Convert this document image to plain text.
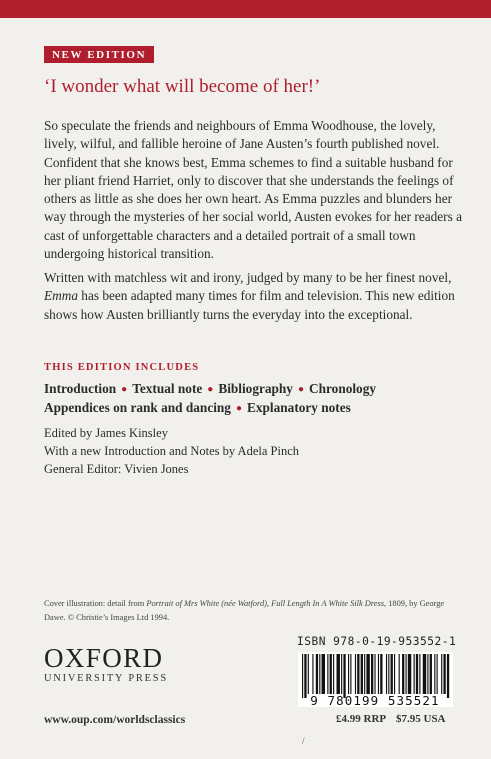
NEW EDITION
‘I wonder what will become of her!’

So speculate the friends and neighbours of Emma Woodhouse, the lovely, lively, wilful, and fallible heroine of Jane Austen’s fourth published novel. Confident that she knows best, Emma schemes to find a suitable husband for her pliant friend Harriet, only to discover that she understands the feelings of others as little as she does her own heart. As Emma puzzles and blunders her way through the mysteries of her social world, Austen evokes for her readers a cast of unforgettable characters and a detailed portrait of a small town undergoing historical transition.

Written with matchless wit and irony, judged by many to be her finest novel, Emma has been adapted many times for film and television. This new edition shows how Austen brilliantly turns the everyday into the exceptional.

THIS EDITION INCLUDES
Introduction ● Textual note ● Bibliography ● Chronology
Appendices on rank and dancing ● Explanatory notes
Edited by James Kinsley
With a new Introduction and Notes by Adela Pinch
General Editor: Vivien Jones
Cover illustration: detail from Portrait of Mrs White (née Watford), Full Length In A White Silk Dress, 1809, by George Dawe. © Christie’s Images Ltd 1994.
OXFORD
UNIVERSITY PRESS
www.oup.com/worldsclassics
ISBN 978-0-19-953552-1
9 780199 535521
£4.99 RRP $7.95 USA
/
